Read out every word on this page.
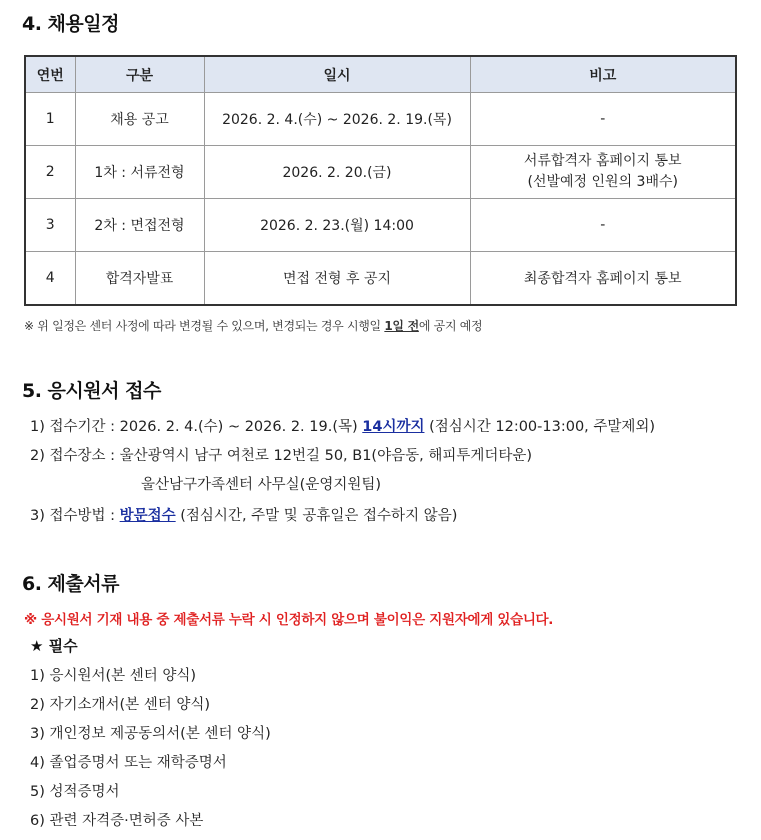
4. 채용일정
연번	구분	일시	비고
1	채용 공고	2026. 2. 4.(수) ~ 2026. 2. 19.(목)	-
2	1차 : 서류전형	2026. 2. 20.(금)	서류합격자 홈페이지 통보
(선발예정 인원의 3배수)

3	2차 : 면접전형	2026. 2. 23.(월) 14:00	-
4	합격자발표	면접 전형 후 공지	최종합격자 홈페이지 통보
※ 위 일정은 센터 사정에 따라 변경될 수 있으며, 변경되는 경우 시행일 1일 전에 공지 예정
5. 응시원서 접수
1) 접수기간 : 2026. 2. 4.(수) ~ 2026. 2. 19.(목) 14시까지 (점심시간 12:00-13:00, 주말제외)
2) 접수장소 : 울산광역시 남구 여천로 12번길 50, B1(야음동, 해피투게더타운)
울산남구가족센터 사무실(운영지원팀)
3) 접수방법 : 방문접수 (점심시간, 주말 및 공휴일은 접수하지 않음)
6. 제출서류
※ 응시원서 기재 내용 중 제출서류 누락 시 인정하지 않으며 불이익은 지원자에게 있습니다.
★ 필수
1) 응시원서(본 센터 양식)
2) 자기소개서(본 센터 양식)
3) 개인정보 제공동의서(본 센터 양식)
4) 졸업증명서 또는 재학증명서
5) 성적증명서
6) 관련 자격증·면허증 사본
